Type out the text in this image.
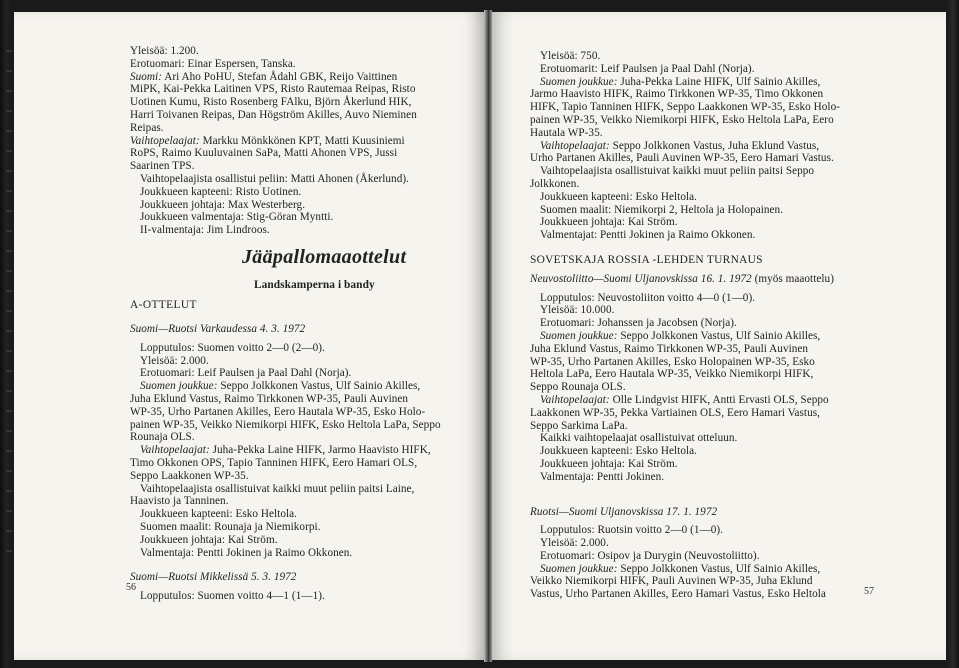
Yleisöä: 1.200.
Erotuomari: Einar Espersen, Tanska.
Suomi: Ari Aho PoHU, Stefan Ådahl GBK, Reijo Vaittinen
MiPK, Kai-Pekka Laitinen VPS, Risto Rautemaa Reipas, Risto
Uotinen Kumu, Risto Rosenberg FAlku, Björn Åkerlund HIK,
Harri Toivanen Reipas, Dan Högström Akilles, Auvo Nieminen
Reipas.
Vaihtopelaajat: Markku Mönkkönen KPT, Matti Kuusiniemi
RoPS, Raimo Kuuluvainen SaPa, Matti Ahonen VPS, Jussi
Saarinen TPS.
Vaihtopelaajista osallistui peliin: Matti Ahonen (Åkerlund).
Joukkueen kapteeni: Risto Uotinen.
Joukkueen johtaja: Max Westerberg.
Joukkueen valmentaja: Stig-Göran Myntti.
II-valmentaja: Jim Lindroos.
Jääpallomaaottelut
Landskamperna i bandy
A-OTTELUT
Suomi—Ruotsi Varkaudessa 4. 3. 1972
Lopputulos: Suomen voitto 2—0 (2—0).
Yleisöä: 2.000.
Erotuomari: Leif Paulsen ja Paal Dahl (Norja).
Suomen joukkue: Seppo Jolkkonen Vastus, Ulf Sainio Akilles,
Juha Eklund Vastus, Raimo Tirkkonen WP-35, Pauli Auvinen
WP-35, Urho Partanen Akilles, Eero Hautala WP-35, Esko Holo-
painen WP-35, Veikko Niemikorpi HIFK, Esko Heltola LaPa, Seppo
Rounaja OLS.
Vaihtopelaajat: Juha-Pekka Laine HIFK, Jarmo Haavisto HIFK,
Timo Okkonen OPS, Tapio Tanninen HIFK, Eero Hamari OLS,
Seppo Laakkonen WP-35.
Vaihtopelaajista osallistuivat kaikki muut peliin paitsi Laine,
Haavisto ja Tanninen.
Joukkueen kapteeni: Esko Heltola.
Suomen maalit: Rounaja ja Niemikorpi.
Joukkueen johtaja: Kai Ström.
Valmentaja: Pentti Jokinen ja Raimo Okkonen.
Suomi—Ruotsi Mikkelissä 5. 3. 1972
Lopputulos: Suomen voitto 4—1 (1—1).
56
Yleisöä: 750.
Erotuomarit: Leif Paulsen ja Paal Dahl (Norja).
Suomen joukkue: Juha-Pekka Laine HIFK, Ulf Sainio Akilles,
Jarmo Haavisto HIFK, Raimo Tirkkonen WP-35, Timo Okkonen
HIFK, Tapio Tanninen HIFK, Seppo Laakkonen WP-35, Esko Holo-
painen WP-35, Veikko Niemikorpi HIFK, Esko Heltola LaPa, Eero
Hautala WP-35.
Vaihtopelaajat: Seppo Jolkkonen Vastus, Juha Eklund Vastus,
Urho Partanen Akilles, Pauli Auvinen WP-35, Eero Hamari Vastus.
Vaihtopelaajista osallistuivat kaikki muut peliin paitsi Seppo
Jolkkonen.
Joukkueen kapteeni: Esko Heltola.
Suomen maalit: Niemikorpi 2, Heltola ja Holopainen.
Joukkueen johtaja: Kai Ström.
Valmentajat: Pentti Jokinen ja Raimo Okkonen.
SOVETSKAJA ROSSIA -LEHDEN TURNAUS
Neuvostoliitto—Suomi Uljanovskissa 16. 1. 1972 (myös maaottelu)
Lopputulos: Neuvostoliiton voitto 4—0 (1—0).
Yleisöä: 10.000.
Erotuomari: Johanssen ja Jacobsen (Norja).
Suomen joukkue: Seppo Jolkkonen Vastus, Ulf Sainio Akilles,
Juha Eklund Vastus, Raimo Tirkkonen WP-35, Pauli Auvinen
WP-35, Urho Partanen Akilles, Esko Holopainen WP-35, Esko
Heltola LaPa, Eero Hautala WP-35, Veikko Niemikorpi HIFK,
Seppo Rounaja OLS.
Vaihtopelaajat: Olle Lindgvist HIFK, Antti Ervasti OLS, Seppo
Laakkonen WP-35, Pekka Vartiainen OLS, Eero Hamari Vastus,
Seppo Sarkima LaPa.
Kaikki vaihtopelaajat osallistuivat otteluun.
Joukkueen kapteeni: Esko Heltola.
Joukkueen johtaja: Kai Ström.
Valmentaja: Pentti Jokinen.
Ruotsi—Suomi Uljanovskissa 17. 1. 1972
Lopputulos: Ruotsin voitto 2—0 (1—0).
Yleisöä: 2.000.
Erotuomari: Osipov ja Durygin (Neuvostoliitto).
Suomen joukkue: Seppo Jolkkonen Vastus, Ulf Sainio Akilles,
Veikko Niemikorpi HIFK, Pauli Auvinen WP-35, Juha Eklund
Vastus, Urho Partanen Akilles, Eero Hamari Vastus, Esko Heltola	57
